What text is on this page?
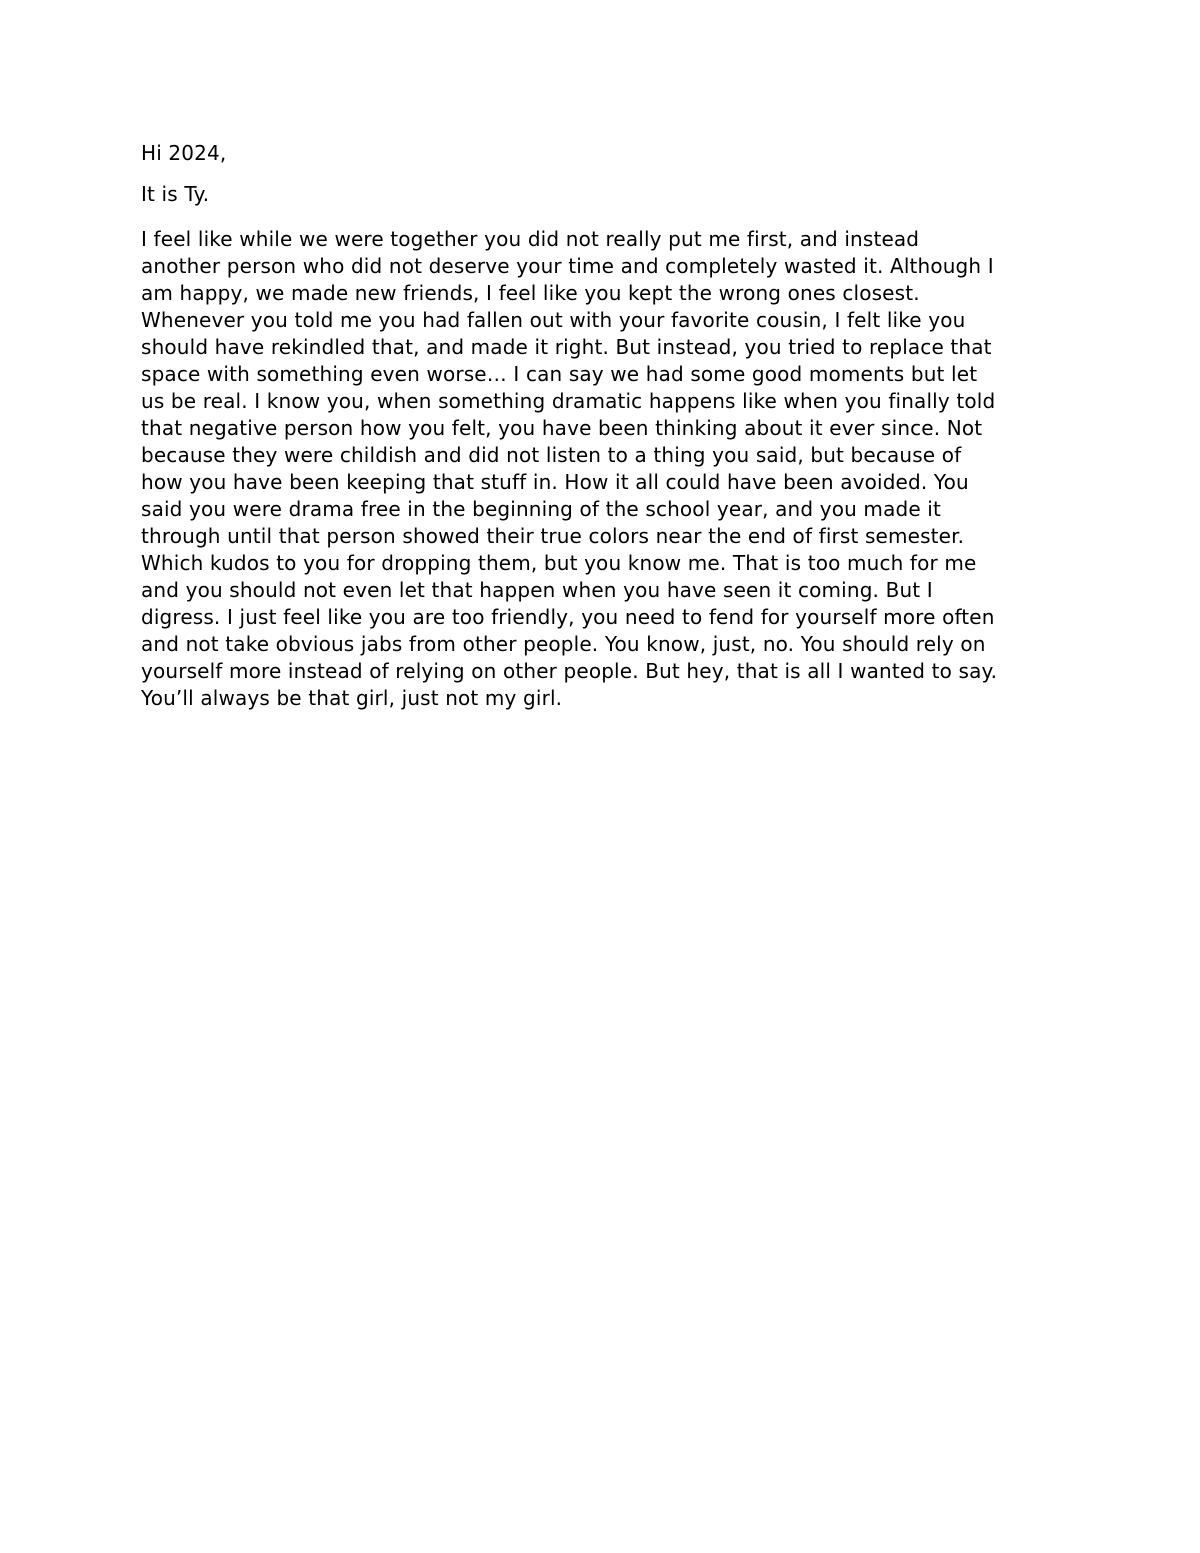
Hi 2024,

It is Ty.

I feel like while we were together you did not really put me first, and instead

another person who did not deserve your time and completely wasted it. Although I

am happy, we made new friends, I feel like you kept the wrong ones closest.

Whenever you told me you had fallen out with your favorite cousin, I felt like you

should have rekindled that, and made it right. But instead, you tried to replace that

space with something even worse… I can say we had some good moments but let

us be real. I know you, when something dramatic happens like when you finally told

that negative person how you felt, you have been thinking about it ever since. Not

because they were childish and did not listen to a thing you said, but because of

how you have been keeping that stuff in. How it all could have been avoided. You

said you were drama free in the beginning of the school year, and you made it

through until that person showed their true colors near the end of first semester.

Which kudos to you for dropping them, but you know me. That is too much for me

and you should not even let that happen when you have seen it coming. But I

digress. I just feel like you are too friendly, you need to fend for yourself more often

and not take obvious jabs from other people. You know, just, no. You should rely on

yourself more instead of relying on other people. But hey, that is all I wanted to say.

You’ll always be that girl, just not my girl.
